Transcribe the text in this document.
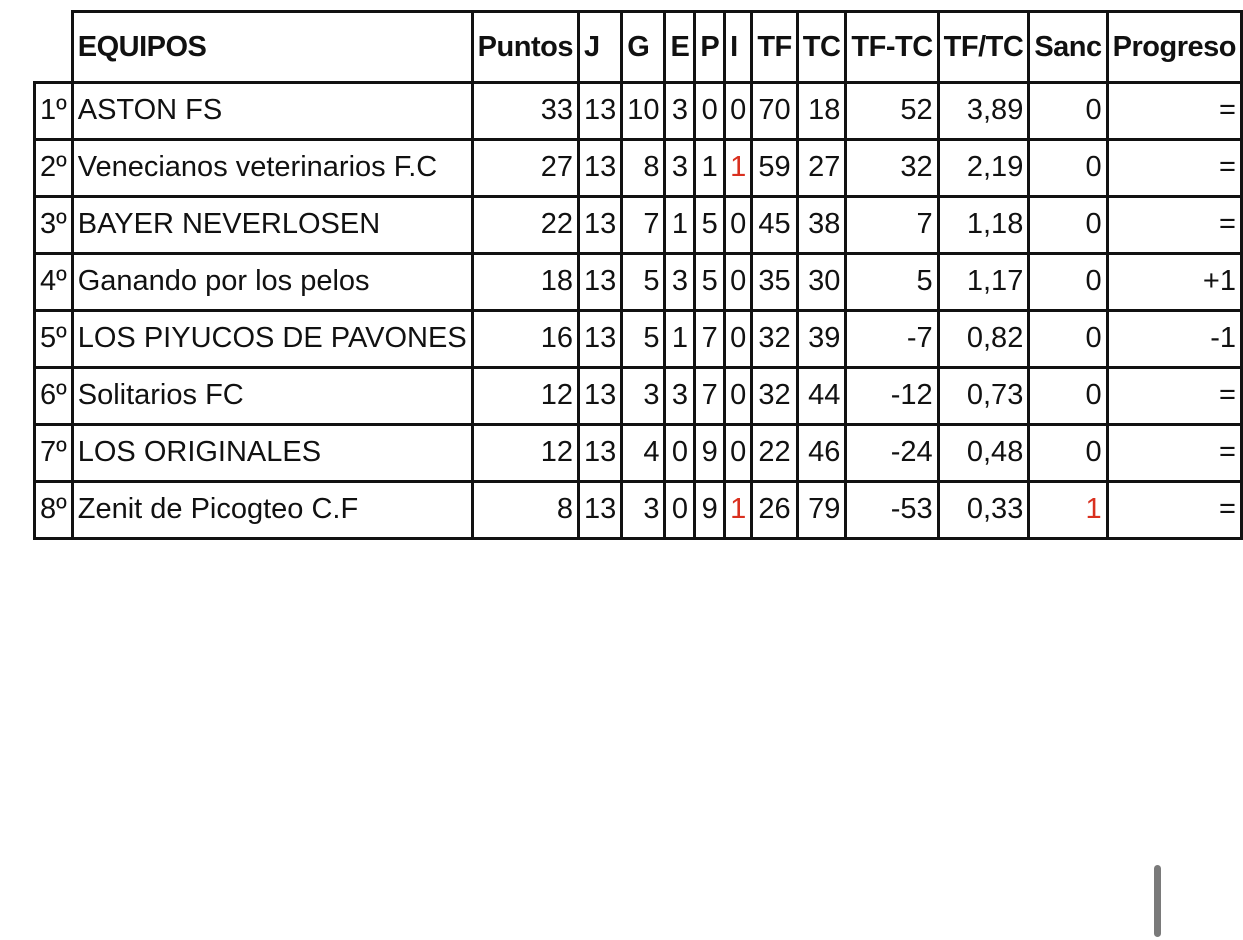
	EQUIPOS	Puntos	J	G	E	P	I	TF	TC	TF-TC	TF/TC	Sanc	Progreso
1º	ASTON FS	33	13	10	3	0	0	70	18	52	3,89	0	=
2º	Venecianos veterinarios F.C	27	13	8	3	1	1	59	27	32	2,19	0	=
3º	BAYER NEVERLOSEN	22	13	7	1	5	0	45	38	7	1,18	0	=
4º	Ganando por los pelos	18	13	5	3	5	0	35	30	5	1,17	0	+1
5º	LOS PIYUCOS DE PAVONES	16	13	5	1	7	0	32	39	-7	0,82	0	-1
6º	Solitarios FC	12	13	3	3	7	0	32	44	-12	0,73	0	=
7º	LOS ORIGINALES	12	13	4	0	9	0	22	46	-24	0,48	0	=
8º	Zenit de Picogteo C.F	8	13	3	0	9	1	26	79	-53	0,33	1	=
